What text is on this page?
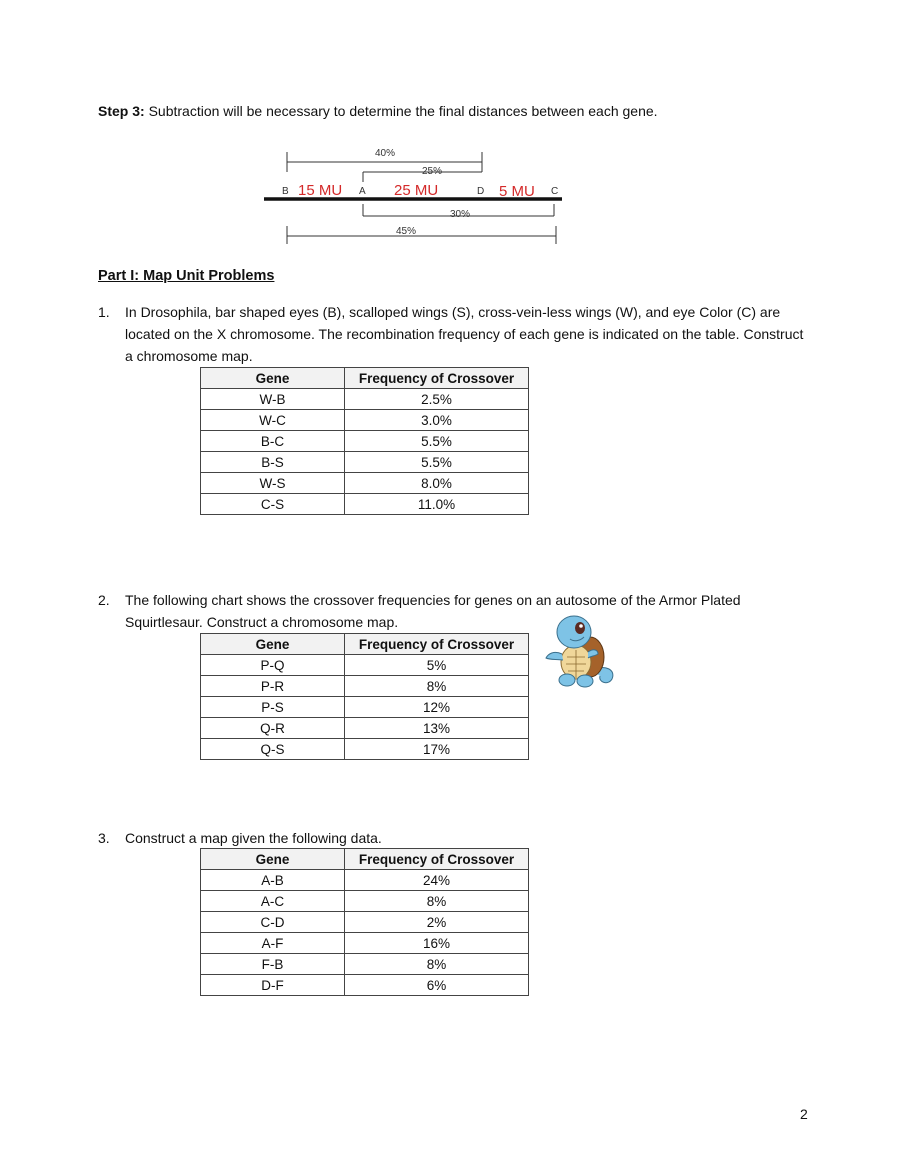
Step 3: Subtraction will be necessary to determine the final distances between each gene.
40%
25%
B	A	D	C
30%
45%
15 MU	25 MU	5 MU
Part I: Map Unit Problems
1. In Drosophila, bar shaped eyes (B), scalloped wings (S), cross-vein-less wings (W), and eye Color (C) are located on the X chromosome. The recombination frequency of each gene is indicated on the table. Construct a chromosome map.
Gene	Frequency of Crossover
W-B	2.5%
W-C	3.0%
B-C	5.5%
B-S	5.5%
W-S	8.0%
C-S	11.0%
2. The following chart shows the crossover frequencies for genes on an autosome of the Armor Plated Squirtlesaur. Construct a chromosome map.
Gene	Frequency of Crossover
P-Q	5%
P-R	8%
P-S	12%
Q-R	13%
Q-S	17%
3. Construct a map given the following data.
Gene	Frequency of Crossover
A-B	24%
A-C	8%
C-D	2%
A-F	16%
F-B	8%
D-F	6%
2
